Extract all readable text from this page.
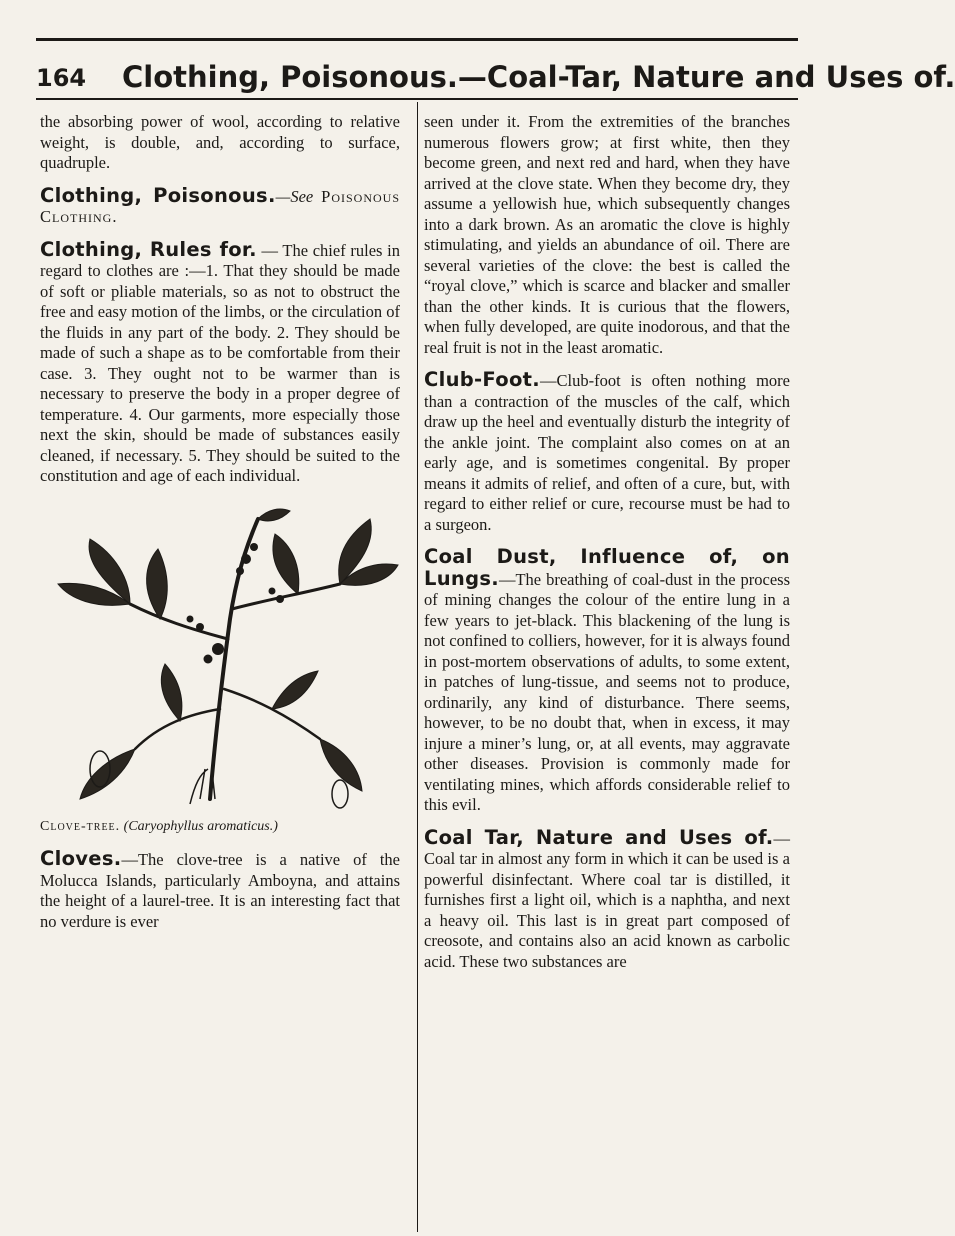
164 Clothing, Poisonous.—Coal-Tar, Nature and Uses of.

the absorbing power of wool, according to relative weight, is double, and, according to surface, quadruple.

Clothing, Poisonous.—See Poisonous Clothing.

Clothing, Rules for. — The chief rules in regard to clothes are :—1. That they should be made of soft or pliable materials, so as not to obstruct the free and easy motion of the limbs, or the circulation of the fluids in any part of the body. 2. They should be made of such a shape as to be comfortable from their case. 3. They ought not to be warmer than is necessary to preserve the body in a proper degree of temperature. 4. Our garments, more especially those next the skin, should be made of substances easily cleaned, if necessary. 5. They should be suited to the constitution and age of each individual.

Clove-tree. (Caryophyllus aromaticus.)

Cloves.—The clove-tree is a native of the Molucca Islands, particularly Amboyna, and attains the height of a laurel-tree. It is an interesting fact that no verdure is ever

seen under it. From the extremities of the branches numerous flowers grow; at first white, then they become green, and next red and hard, when they have arrived at the clove state. When they become dry, they assume a yellowish hue, which subsequently changes into a dark brown. As an aromatic the clove is highly stimulating, and yields an abundance of oil. There are several varieties of the clove: the best is called the “royal clove,” which is scarce and blacker and smaller than the other kinds. It is curious that the flowers, when fully developed, are quite inodorous, and that the real fruit is not in the least aromatic.

Club-Foot.—Club-foot is often nothing more than a contraction of the muscles of the calf, which draw up the heel and eventually disturb the integrity of the ankle joint. The complaint also comes on at an early age, and is sometimes congenital. By proper means it admits of relief, and often of a cure, but, with regard to either relief or cure, recourse must be had to a surgeon.

Coal Dust, Influence of, on Lungs.—The breathing of coal-dust in the process of mining changes the colour of the entire lung in a few years to jet-black. This blackening of the lung is not confined to colliers, however, for it is always found in post-mortem observations of adults, to some extent, in patches of lung-tissue, and seems not to produce, ordinarily, any kind of disturbance. There seems, however, to be no doubt that, when in excess, it may injure a miner’s lung, or, at all events, may aggravate other diseases. Provision is commonly made for ventilating mines, which affords considerable relief to this evil.

Coal Tar, Nature and Uses of.—Coal tar in almost any form in which it can be used is a powerful disinfectant. Where coal tar is distilled, it furnishes first a light oil, which is a naphtha, and next a heavy oil. This last is in great part composed of creosote, and contains also an acid known as carbolic acid. These two substances are
